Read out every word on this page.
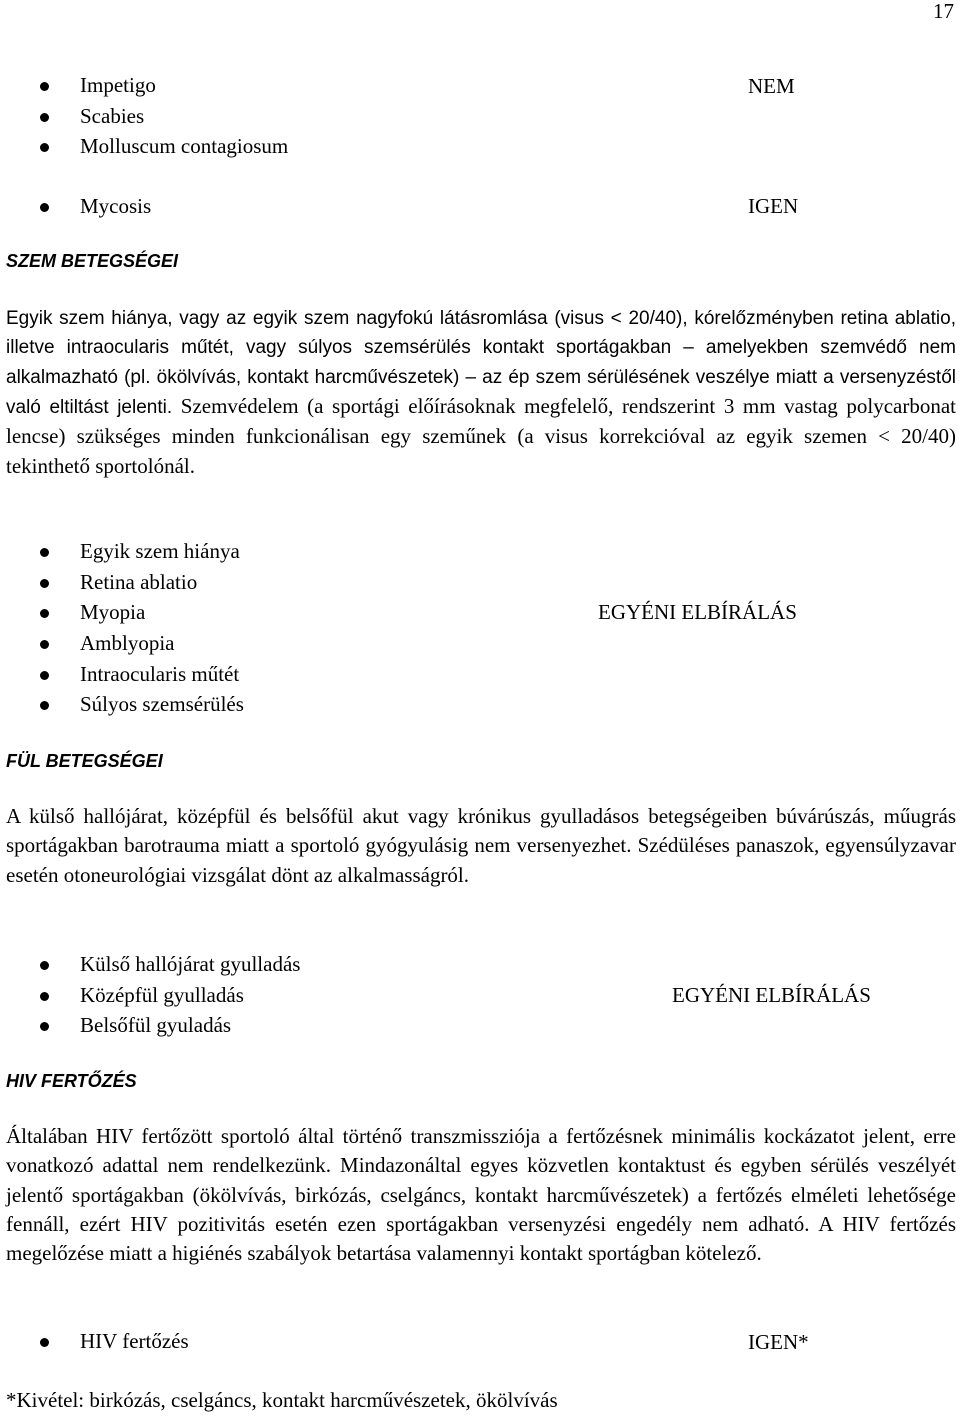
17
Impetigo
Scabies
Molluscum contagiosum
NEM
Mycosis	IGEN
SZEM BETEGSÉGEI

Egyik szem hiánya, vagy az egyik szem nagyfokú látásromlása (visus < 20/40), kórelőzményben retina ablatio, illetve intraocularis műtét, vagy súlyos szemsérülés kontakt sportágakban – amelyekben szemvédő nem alkalmazható (pl. ökölvívás, kontakt harcművészetek) – az ép szem sérülésének veszélye miatt a versenyzéstől való eltiltást jelenti. Szemvédelem (a sportági előírásoknak megfelelő, rendszerint 3 mm vastag polycarbonat lencse) szükséges minden funkcionálisan egy szeműnek (a visus korrekcióval az egyik szemen < 20/40) tekinthető sportolónál.

Egyik szem hiánya
Retina ablatio
Myopia
Amblyopia
Intraocularis műtét
Súlyos szemsérülés
EGYÉNI ELBÍRÁLÁS
FÜL BETEGSÉGEI

A külső hallójárat, középfül és belsőfül akut vagy krónikus gyulladásos betegségeiben búvárúszás, műugrás sportágakban barotrauma miatt a sportoló gyógyulásig nem versenyezhet. Szédüléses panaszok, egyensúlyzavar esetén otoneurológiai vizsgálat dönt az alkalmasságról.

Külső hallójárat gyulladás
Középfül gyulladás
Belsőfül gyuladás
EGYÉNI ELBÍRÁLÁS
HIV FERTŐZÉS

Általában HIV fertőzött sportoló által történő transzmissziója a fertőzésnek minimális kockázatot jelent, erre vonatkozó adattal nem rendelkezünk. Mindazonáltal egyes közvetlen kontaktust és egyben sérülés veszélyét jelentő sportágakban (ökölvívás, birkózás, cselgáncs, kontakt harcművészetek) a fertőzés elméleti lehetősége fennáll, ezért HIV pozitivitás esetén ezen sportágakban versenyzési engedély nem adható. A HIV fertőzés megelőzése miatt a higiénés szabályok betartása valamennyi kontakt sportágban kötelező.

HIV fertőzés	IGEN*
*Kivétel: birkózás, cselgáncs, kontakt harcművészetek, ökölvívás
